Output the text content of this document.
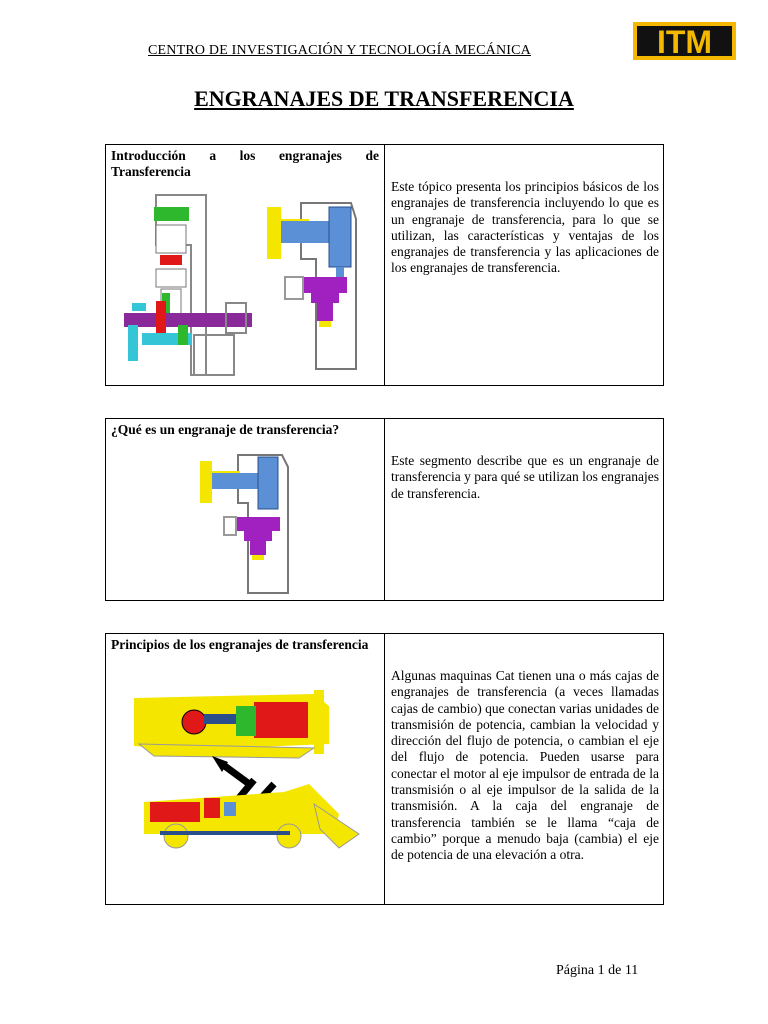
CENTRO DE INVESTIGACIÓN Y TECNOLOGÍA MECÁNICA	ITM
ENGRANAJES DE TRANSFERENCIA
Introducción a los engranajes de Transferencia
Este tópico presenta los principios básicos de los engranajes de transferencia incluyendo lo que es un engranaje de transferencia, para lo que se utilizan, las características y ventajas de los engranajes de transferencia y las aplicaciones de los engranajes de transferencia.
¿Qué es un engranaje de transferencia?
Este segmento describe que es un engranaje de transferencia y para qué se utilizan los engranajes de transferencia.
Principios de los engranajes de transferencia
Algunas maquinas Cat tienen una o más cajas de engranajes de transferencia (a veces llamadas cajas de cambio) que conectan varias unidades de transmisión de potencia, cambian la velocidad y dirección del flujo de potencia, o cambian el eje del flujo de potencia. Pueden usarse para conectar el motor al eje impulsor de entrada de la transmisión o al eje impulsor de la salida de la transmisión. A la caja del engranaje de transferencia también se le llama “caja de cambio” porque a menudo baja (cambia) el eje de potencia de una elevación a otra.
Página 1 de 11
